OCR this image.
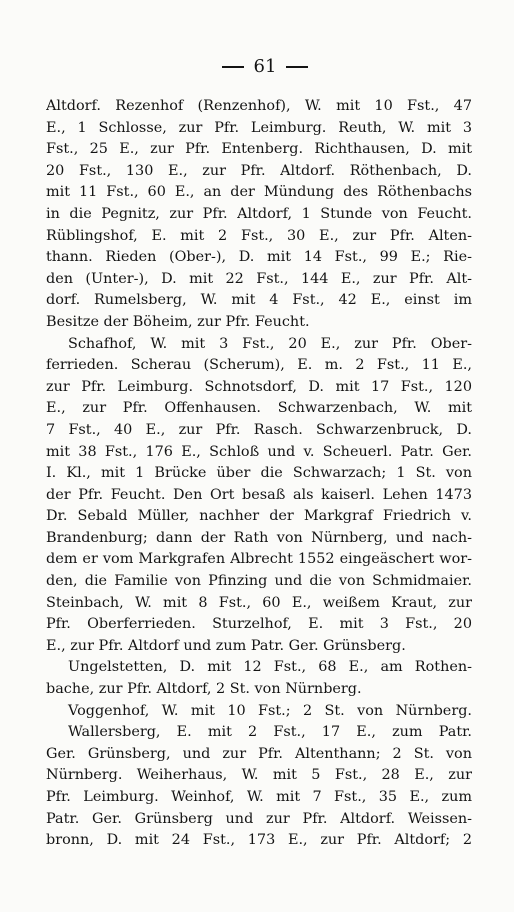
61
Altdorf. Rezenhof (Renzenhof), W. mit 10 Fst., 47
E., 1 Schlosse, zur Pfr. Leimburg. Reuth, W. mit 3
Fst., 25 E., zur Pfr. Entenberg. Richthausen, D. mit
20 Fst., 130 E., zur Pfr. Altdorf. Röthenbach, D.
mit 11 Fst., 60 E., an der Mündung des Röthenbachs
in die Pegnitz, zur Pfr. Altdorf, 1 Stunde von Feucht.
Rüblingshof, E. mit 2 Fst., 30 E., zur Pfr. Alten-
thann. Rieden (Ober-), D. mit 14 Fst., 99 E.; Rie-
den (Unter-), D. mit 22 Fst., 144 E., zur Pfr. Alt-
dorf. Rumelsberg, W. mit 4 Fst., 42 E., einst im
Besitze der Böheim, zur Pfr. Feucht.
Schafhof, W. mit 3 Fst., 20 E., zur Pfr. Ober-
ferrieden. Scherau (Scherum), E. m. 2 Fst., 11 E.,
zur Pfr. Leimburg. Schnotsdorf, D. mit 17 Fst., 120
E., zur Pfr. Offenhausen. Schwarzenbach, W. mit
7 Fst., 40 E., zur Pfr. Rasch. Schwarzenbruck, D.
mit 38 Fst., 176 E., Schloß und v. Scheuerl. Patr. Ger.
I. Kl., mit 1 Brücke über die Schwarzach; 1 St. von
der Pfr. Feucht. Den Ort besaß als kaiserl. Lehen 1473
Dr. Sebald Müller, nachher der Markgraf Friedrich v.
Brandenburg; dann der Rath von Nürnberg, und nach-
dem er vom Markgrafen Albrecht 1552 eingeäschert wor-
den, die Familie von Pfinzing und die von Schmidmaier.
Steinbach, W. mit 8 Fst., 60 E., weißem Kraut, zur
Pfr. Oberferrieden. Sturzelhof, E. mit 3 Fst., 20
E., zur Pfr. Altdorf und zum Patr. Ger. Grünsberg.
Ungelstetten, D. mit 12 Fst., 68 E., am Rothen-
bache, zur Pfr. Altdorf, 2 St. von Nürnberg.
Voggenhof, W. mit 10 Fst.; 2 St. von Nürnberg.
Wallersberg, E. mit 2 Fst., 17 E., zum Patr.
Ger. Grünsberg, und zur Pfr. Altenthann; 2 St. von
Nürnberg. Weiherhaus, W. mit 5 Fst., 28 E., zur
Pfr. Leimburg. Weinhof, W. mit 7 Fst., 35 E., zum
Patr. Ger. Grünsberg und zur Pfr. Altdorf. Weissen-
bronn, D. mit 24 Fst., 173 E., zur Pfr. Altdorf; 2
